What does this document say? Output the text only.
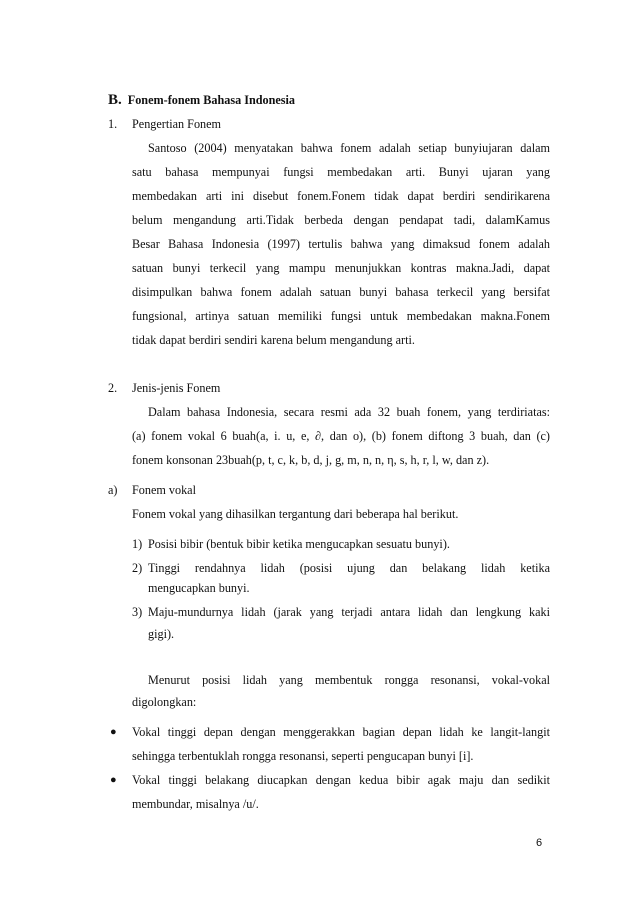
B. Fonem-fonem Bahasa Indonesia
1. Pengertian Fonem
Santoso (2004) menyatakan bahwa fonem adalah setiap bunyiujaran dalam
satu bahasa mempunyai fungsi membedakan arti. Bunyi ujaran yang
membedakan arti ini disebut fonem.Fonem tidak dapat berdiri sendirikarena
belum mengandung arti.Tidak berbeda dengan pendapat tadi, dalamKamus
Besar Bahasa Indonesia (1997) tertulis bahwa yang dimaksud fonem adalah
satuan bunyi terkecil yang mampu menunjukkan kontras makna.Jadi, dapat
disimpulkan bahwa fonem adalah satuan bunyi bahasa terkecil yang bersifat
fungsional, artinya satuan memiliki fungsi untuk membedakan makna.Fonem
tidak dapat berdiri sendiri karena belum mengandung arti.
2. Jenis-jenis Fonem
Dalam bahasa Indonesia, secara resmi ada 32 buah fonem, yang terdiriatas:
(a) fonem vokal 6 buah(a, i. u, e, ∂, dan o), (b) fonem diftong 3 buah, dan (c)
fonem konsonan 23buah(p, t, c, k, b, d, j, g, m, n, n, η, s, h, r, l, w, dan z).
a) Fonem vokal
Fonem vokal yang dihasilkan tergantung dari beberapa hal berikut.
1) Posisi bibir (bentuk bibir ketika mengucapkan sesuatu bunyi).
2) Tinggi rendahnya lidah (posisi ujung dan belakang lidah ketika
mengucapkan bunyi.
3) Maju-mundurnya lidah (jarak yang terjadi antara lidah dan lengkung kaki
gigi).
Menurut posisi lidah yang membentuk rongga resonansi, vokal-vokal
digolongkan:
● Vokal tinggi depan dengan menggerakkan bagian depan lidah ke langit-langit
sehingga terbentuklah rongga resonansi, seperti pengucapan bunyi [i].
● Vokal tinggi belakang diucapkan dengan kedua bibir agak maju dan sedikit
membundar, misalnya /u/.
6
